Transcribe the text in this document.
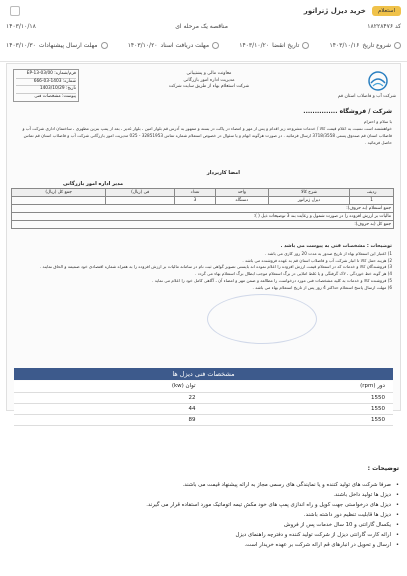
استعلام
خرید دیزل ژنراتور
کد ۱۸۲۲۸۴۷۶
مناقصه یک مرحله ای
۱۴۰۳/۱۰/۱۸
شروع تاریخ
۱۴۰۳/۱۰/۱۶
تاریخ انقضا
۱۴۰۳/۱۰/۲۰
مهلت دریافت اسناد
۱۴۰۳/۱۰/۲۰
مهلت ارسال پیشنهادات
۱۴۰۳/۱۰/۳۰
شرکت آب و فاضلاب استان قم
معاونت مالی و پشتیبانی
مدیریت اداره امور بازرگانی
شرکت استعلام بهاء از طریق سایت شرکت
فرم/شماره: EP-13-03/00
شماره: 1403-03-666
تاریخ: 1403/10/29
پیوست: مشخصات فنی
شرکت / فروشگاه ...............
با سلام و احترام
خواهشمند است نسبت به اعلام قیمت کالا / خدمات مشروحه زیر اقدام و پس از مهر و امضاء در پاکت در بسته و ممهور به آدرس قم بلوار امین ، بلوار غدیر ، بعد از پمپ بنزین مطهری ، ساختمان اداری شرکت آب و فاضلاب استان قم صندوق پستی 3718/3558 ارسال فرمائید . در صورت هرگونه ابهام و یا سئوال در خصوص استعلام شماره تماس 32851953 - 025 مدیریت امور بازرگانی شرکت آب و فاضلاب استان قم تماس حاصل فرمائید .
امضا کاربردار
مدیر اداره امور بازرگانی
ردیف	شرح کالا	واحد	تعداد	فی (ریال)	جمع کل (ریال)
1	دیزل ژنراتور	دستگاه	3		
جمع استعلام (به حروف):					
مالیات بر ارزش افزوده را در صورت شمول و رعایت بند 3 توضیحات ذیل ( ):					
جمع کل (به حروف):					
توضیحات : مشخصات فنی به پیوست می باشد .
1) اعتبار این استعلام بهاء از تاریخ صدور به مدت 20 روز کاری می باشد .
2) هزینه حمل کالا تا انبار شرکت آب و فاضلاب استان قم به عهده فروشنده می باشد .
3) فروشندگان کالا و خدمات که در استعلام قیمت ارزش افزوده را اعلام نموده اند بایستی تصویر گواهی ثبت نام در سامانه مالیات بر ارزش افزوده را به همراه شماره اقتصادی خود ضمیمه و الحاق نمایند .
4) هر گونه خط خوردگی ، لاک گرفتگی و یا غلط املایی در برگ استعلام موجب ابطال برگ استعلام بهاء می گردد .
5) فروشنده کالا و خدمات به کلیه مشخصات فنی مورد درخواست را مطالعه و ضمن مهر و امضاء آن ، آگاهی کامل خود را اعلام می نماید .
6) مهلت ارسال پاسخ استعلام حداکثر 4 روز پس از تاریخ استعلام بهاء می باشد .
مشخصات فنی دیزل ها
دور (rpm)	توان (kw)
1550	22
1550	44
1550	89
توضیحات :
• صرفا شرکت های تولید کننده و یا نمایندگی های رسمی مجاز به ارائه پیشنهاد قیمت می باشند.
• دیزل ها تولید داخل باشند.
• دیزل های درخواستی جهت کوپل و راه اندازی پمپ های خود مکش تیمه اتوماتیک مورد استفاده قرار می گیرند.
• دیزل ها قابلیت تنظیم دور داشته باشند.
• یکسال گارانتی و 10 سال خدمات پس از فروش
• ارائه کارت گارانتی دیزل از شرکت تولید کننده و دفترچه راهنمای دیزل
• ارسال و تحویل در انبارهای قم ارائه شرکت بر عهده خریدار است.
